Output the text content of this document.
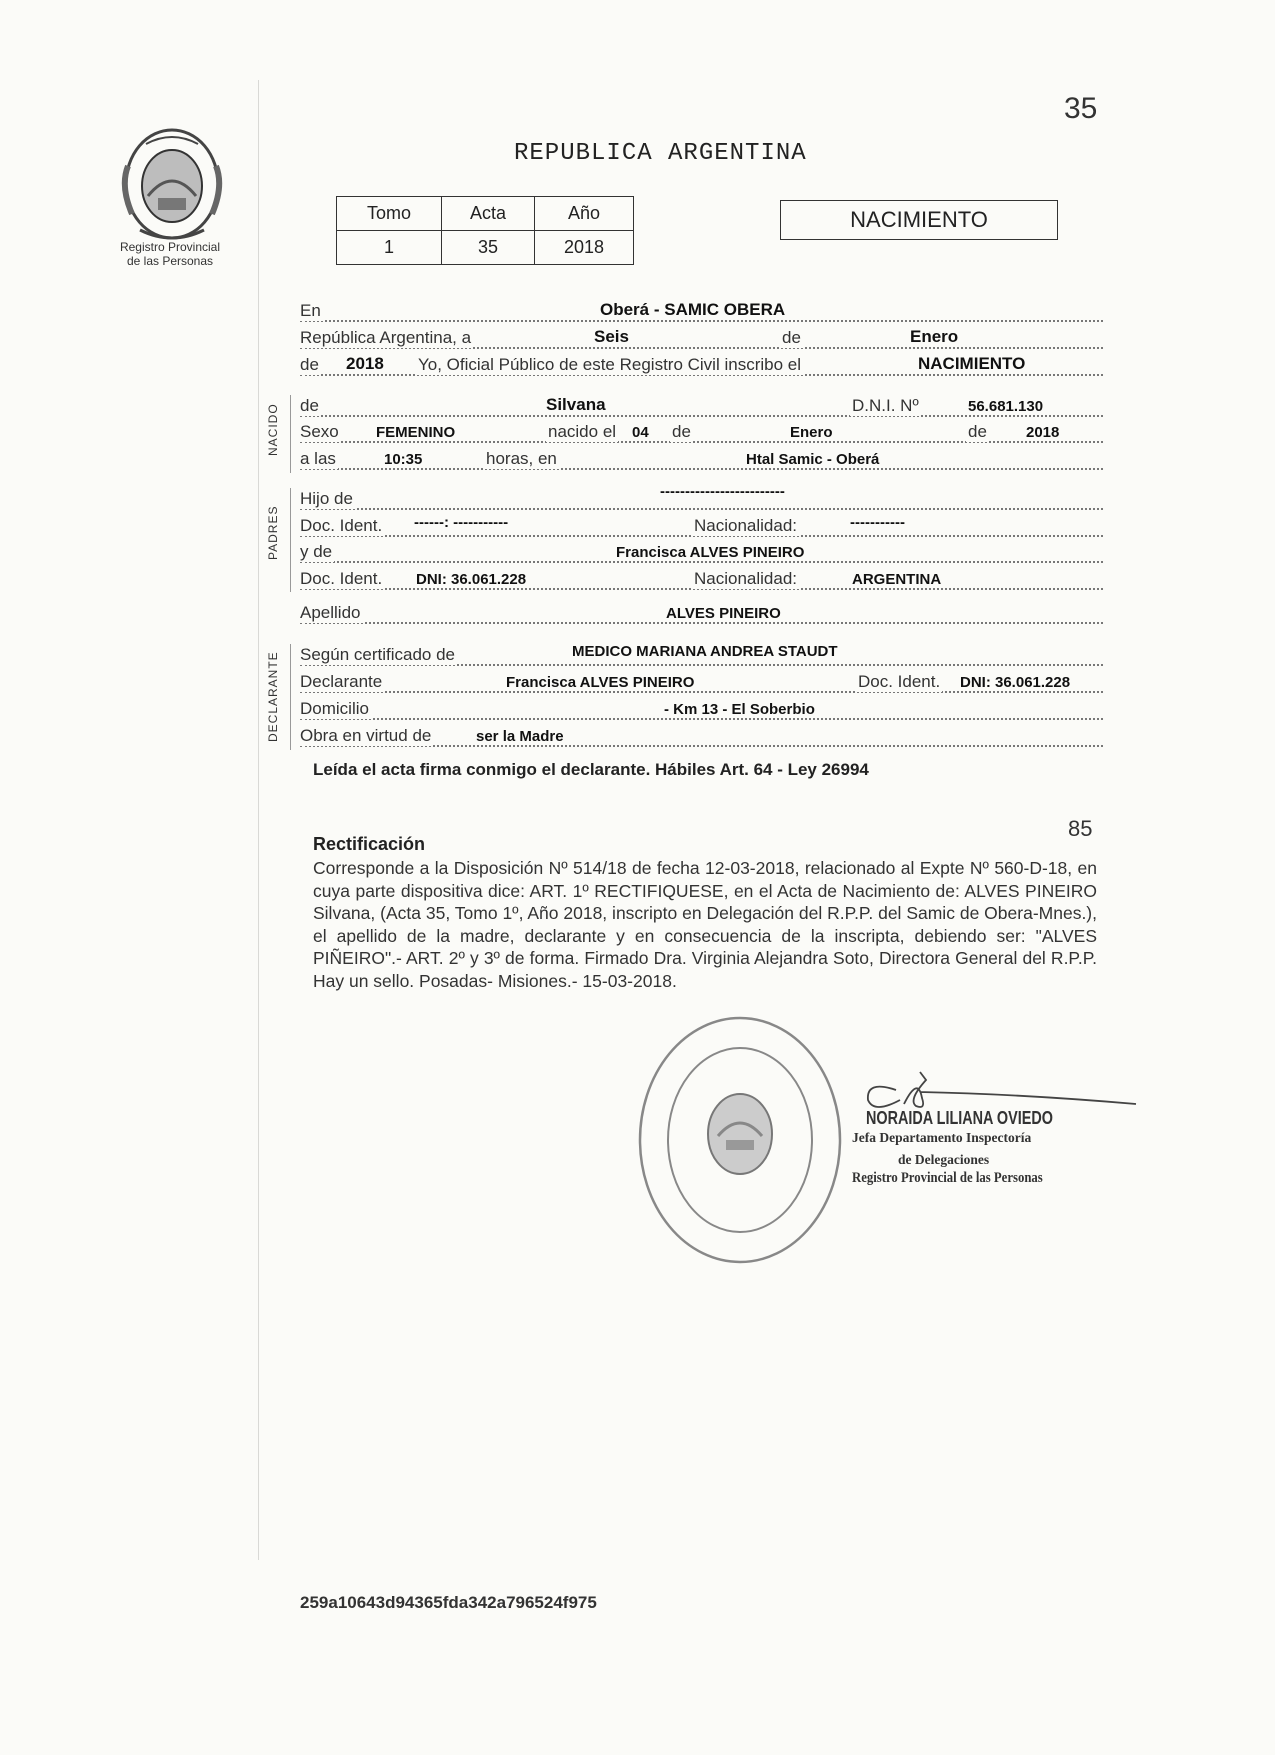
Registro Provincial
de las Personas
35
REPUBLICA ARGENTINA
Tomo	Acta	Año
1	35	2018
NACIMIENTO
En	Oberá - SAMIC OBERA
República Argentina, a	Seis	de	Enero
de 2018 Yo, Oficial Público de este Registro Civil inscribo el	NACIMIENTO
NACIDO de	Silvana	D.N.I. Nº	56.681.130
Sexo FEMENINO	nacido el 04 de	Enero	de	2018
a las	10:35	horas, en	Htal Samic - Oberá
PADRES
Hijo de	-------------------------
Doc. Ident. ------: -----------	Nacionalidad:	-----------
y de	Francisca ALVES PINEIRO
Doc. Ident. DNI: 36.061.228	Nacionalidad:	ARGENTINA
Apellido	ALVES PINEIRO
DECLARANTE Según certificado de	MEDICO MARIANA ANDREA STAUDT
Declarante	Francisca ALVES PINEIRO	Doc. Ident. DNI: 36.061.228
Domicilio	- Km 13 - El Soberbio
Obra en virtud de	ser la Madre
Leída el acta firma conmigo el declarante. Hábiles Art. 64 - Ley 26994
85
Rectificación
Corresponde a la Disposición Nº 514/18 de fecha 12-03-2018, relacionado al Expte Nº 560-D-18, en cuya parte dispositiva dice: ART. 1º RECTIFIQUESE, en el Acta de Nacimiento de: ALVES PINEIRO Silvana, (Acta 35, Tomo 1º, Año 2018, inscripto en Delegación del R.P.P. del Samic de Obera-Mnes.), el apellido de la madre, declarante y en consecuencia de la inscripta, debiendo ser: "ALVES PIÑEIRO".- ART. 2º y 3º de forma. Firmado Dra. Virginia Alejandra Soto, Directora General del R.P.P. Hay un sello. Posadas- Misiones.- 15-03-2018.
NORAIDA LILIANA OVIEDO
Jefa Departamento Inspectoría
de Delegaciones
Registro Provincial de las Personas
259a10643d94365fda342a796524f975
